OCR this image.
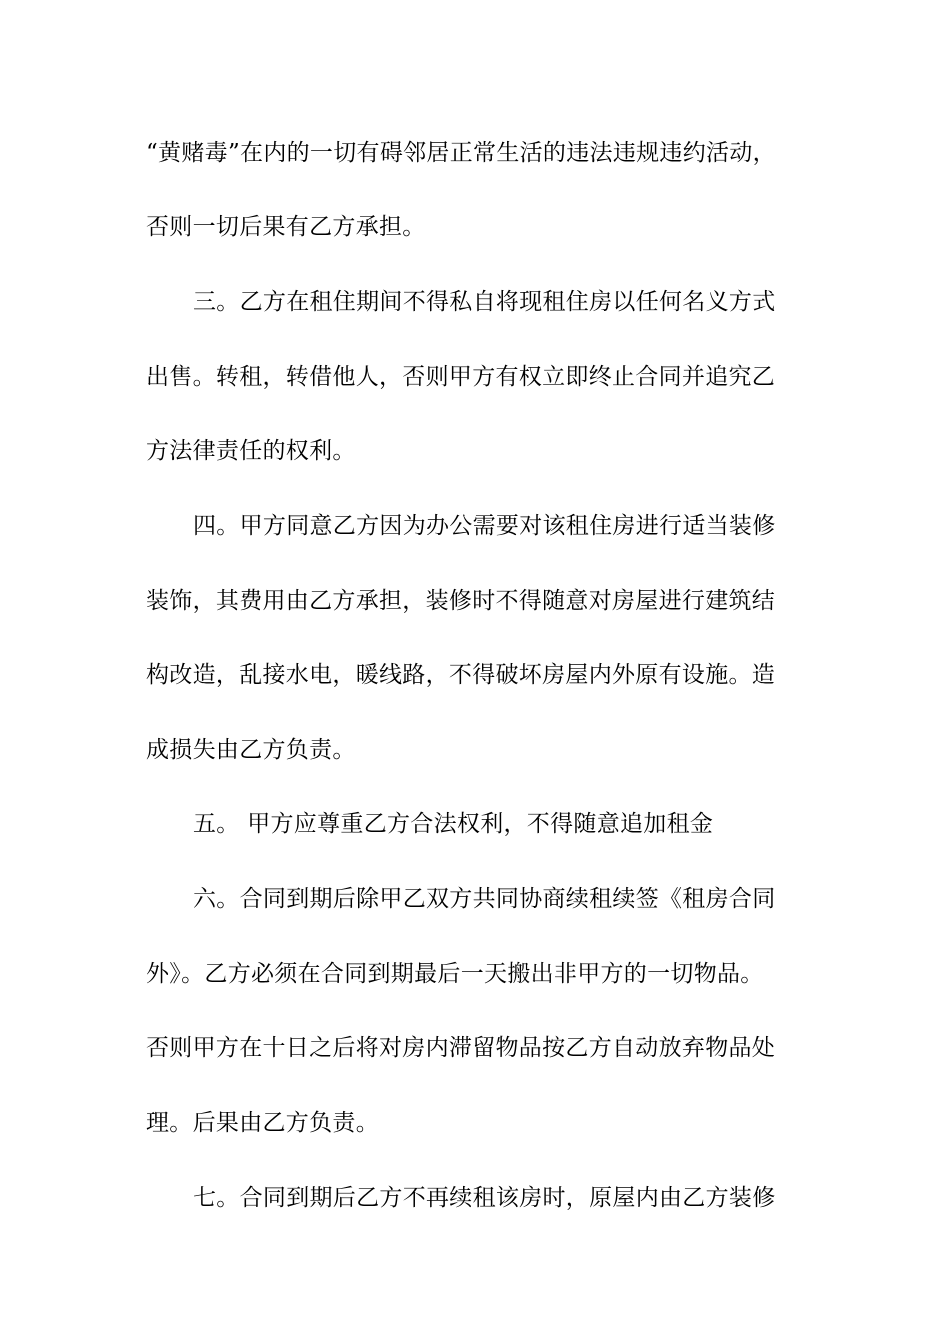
“黄赌毒”在内的一切有碍邻居正常生活的违法违规违约活动，
否则一切后果有乙方承担。
三。乙方在租住期间不得私自将现租住房以任何名义方式
出售。转租，转借他人，否则甲方有权立即终止合同并追究乙
方法律责任的权利。
四。甲方同意乙方因为办公需要对该租住房进行适当装修
装饰，其费用由乙方承担，装修时不得随意对房屋进行建筑结
构改造，乱接水电，暖线路，不得破坏房屋内外原有设施。造
成损失由乙方负责。
五。 甲方应尊重乙方合法权利，不得随意追加租金
六。合同到期后除甲乙双方共同协商续租续签《租房合同
外》。乙方必须在合同到期最后一天搬出非甲方的一切物品。
否则甲方在十日之后将对房内滞留物品按乙方自动放弃物品处
理。后果由乙方负责。
七。合同到期后乙方不再续租该房时，原屋内由乙方装修
